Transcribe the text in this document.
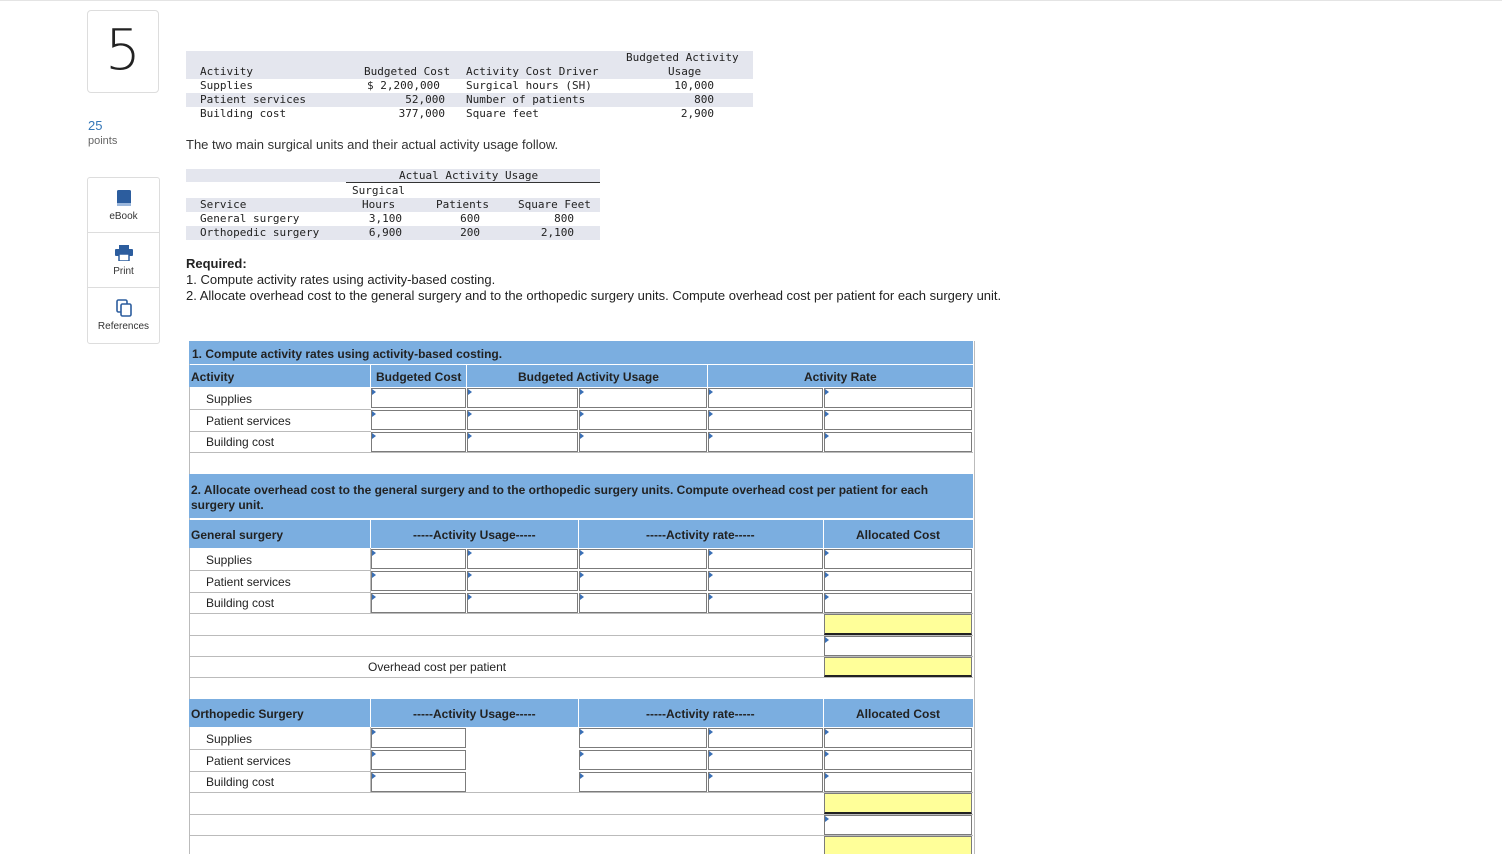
5
25
points
eBook
Print
References
Activity	Budgeted Cost Activity Cost Driver
Budgeted Activity
Usage
Supplies	$ 2,200,000 Surgical hours (SH)	10,000
Patient services	52,000 Number of patients	800
Building cost	377,000 Square feet	2,900
The two main surgical units and their actual activity usage follow.
Actual Activity Usage
Surgical
Service	Hours	Patients	Square Feet
General surgery	3,100	600	800
Orthopedic surgery	6,900	200	2,100
Required:
1. Compute activity rates using activity-based costing.
2. Allocate overhead cost to the general surgery and to the orthopedic surgery units. Compute overhead cost per patient for each surgery unit.
1. Compute activity rates using activity-based costing.
Activity	Budgeted Cost	Budgeted Activity Usage	Activity Rate
Supplies
Patient services
Building cost
2. Allocate overhead cost to the general surgery and to the orthopedic surgery units. Compute overhead cost per patient for each surgery unit.
General surgery	-----Activity Usage-----	-----Activity rate-----	Allocated Cost
Supplies
Patient services
Building cost
Overhead cost per patient
Orthopedic Surgery	-----Activity Usage-----	-----Activity rate-----	Allocated Cost
Supplies
Patient services
Building cost
